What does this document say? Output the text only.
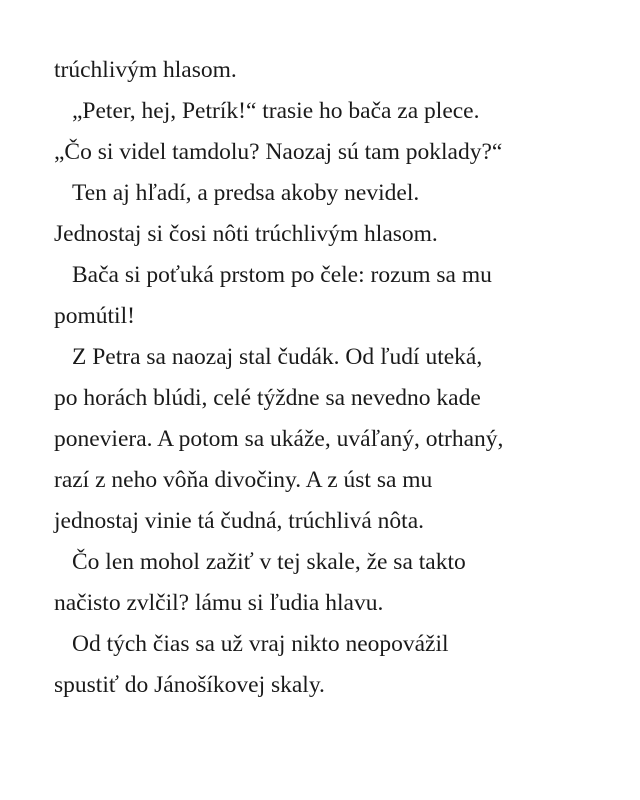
trúchlivým hlasom.
„Peter, hej, Petrík!“ trasie ho bača za plece.
„Čo si videl tamdolu? Naozaj sú tam poklady?“
Ten aj hľadí, a predsa akoby nevidel.
Jednostaj si čosi nôti trúchlivým hlasom.
Bača si poťuká prstom po čele: rozum sa mu
pomútil!
Z Petra sa naozaj stal čudák. Od ľudí uteká,
po horách blúdi, celé týždne sa nevedno kade
poneviera. A potom sa ukáže, uváľaný, otrhaný,
razí z neho vôňa divočiny. A z úst sa mu
jednostaj vinie tá čudná, trúchlivá nôta.
Čo len mohol zažiť v tej skale, že sa takto
načisto zvlčil? lámu si ľudia hlavu.
Od tých čias sa už vraj nikto neopovážil
spustiť do Jánošíkovej skaly.
